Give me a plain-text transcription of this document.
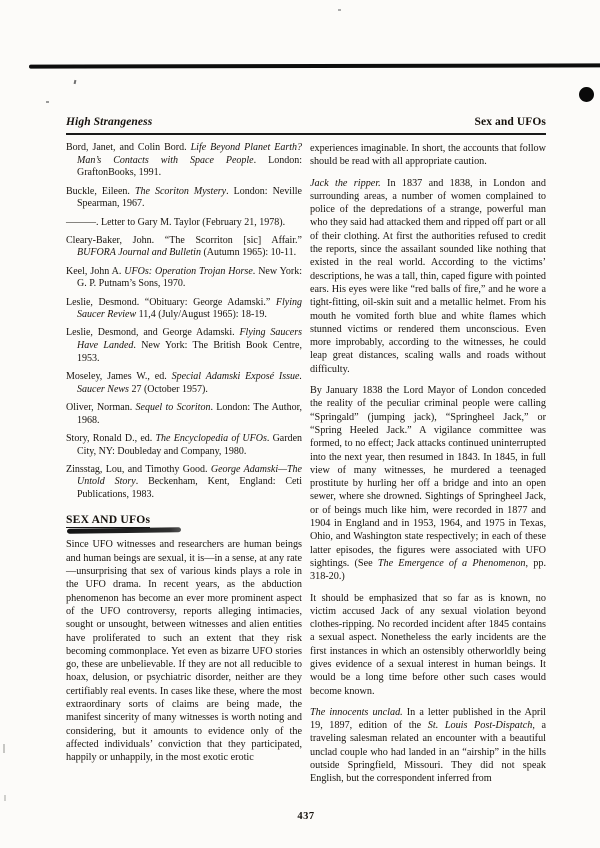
High Strangeness	Sex and UFOs

Bord, Janet, and Colin Bord. Life Beyond Planet Earth? Man’s Contacts with Space People. London: GraftonBooks, 1991.

Buckle, Eileen. The Scoriton Mystery. London: Neville Spearman, 1967.

———. Letter to Gary M. Taylor (February 21, 1978).

Cleary-Baker, John. “The Scorriton [sic] Affair.” BUFORA Journal and Bulletin (Autumn 1965): 10-11.

Keel, John A. UFOs: Operation Trojan Horse. New York: G. P. Putnam’s Sons, 1970.

Leslie, Desmond. “Obituary: George Adamski.” Flying Saucer Review 11,4 (July/August 1965): 18-19.

Leslie, Desmond, and George Adamski. Flying Saucers Have Landed. New York: The British Book Centre, 1953.

Moseley, James W., ed. Special Adamski Exposé Issue. Saucer News 27 (October 1957).

Oliver, Norman. Sequel to Scoriton. London: The Author, 1968.

Story, Ronald D., ed. The Encyclopedia of UFOs. Garden City, NY: Doubleday and Company, 1980.

Zinsstag, Lou, and Timothy Good. George Adamski—The Untold Story. Beckenham, Kent, England: Ceti Publications, 1983.

SEX AND UFOs

Since UFO witnesses and researchers are human beings and human beings are sexual, it is—in a sense, at any rate—unsurprising that sex of various kinds plays a role in the UFO drama. In recent years, as the abduction phenomenon has become an ever more prominent aspect of the UFO controversy, reports alleging intimacies, sought or unsought, between witnesses and alien entities have proliferated to such an extent that they risk becoming commonplace. Yet even as bizarre UFO stories go, these are unbelievable. If they are not all reducible to hoax, delusion, or psychiatric disorder, neither are they certifiably real events. In cases like these, where the most extraordinary sorts of claims are being made, the manifest sincerity of many witnesses is worth noting and considering, but it amounts to evidence only of the affected individuals’ conviction that they participated, happily or unhappily, in the most exotic erotic

experiences imaginable. In short, the accounts that follow should be read with all appropriate caution.

Jack the ripper. In 1837 and 1838, in London and surrounding areas, a number of women complained to police of the depredations of a strange, powerful man who they said had attacked them and ripped off part or all of their clothing. At first the authorities refused to credit the reports, since the assailant sounded like nothing that existed in the real world. According to the victims’ descriptions, he was a tall, thin, caped figure with pointed ears. His eyes were like “red balls of fire,” and he wore a tight-fitting, oil-skin suit and a metallic helmet. From his mouth he vomited forth blue and white flames which stunned victims or rendered them unconscious. Even more improbably, according to the witnesses, he could leap great distances, scaling walls and roads without difficulty.

By January 1838 the Lord Mayor of London conceded the reality of the peculiar criminal people were calling “Springald” (jumping jack), “Springheel Jack,” or “Spring Heeled Jack.” A vigilance committee was formed, to no effect; Jack attacks continued uninterrupted into the next year, then resumed in 1843. In 1845, in full view of many witnesses, he murdered a teenaged prostitute by hurling her off a bridge and into an open sewer, where she drowned. Sightings of Springheel Jack, or of beings much like him, were recorded in 1877 and 1904 in England and in 1953, 1964, and 1975 in Texas, Ohio, and Washington state respectively; in each of these latter episodes, the figures were associated with UFO sightings. (See The Emergence of a Phenomenon, pp. 318-20.)

It should be emphasized that so far as is known, no victim accused Jack of any sexual violation beyond clothes-ripping. No recorded incident after 1845 contains a sexual aspect. Nonetheless the early incidents are the first instances in which an ostensibly otherworldly being gives evidence of a sexual interest in human beings. It would be a long time before other such cases would become known.

The innocents unclad. In a letter published in the April 19, 1897, edition of the St. Louis Post-Dispatch, a traveling salesman related an encounter with a beautiful unclad couple who had landed in an “airship” in the hills outside Springfield, Missouri. They did not speak English, but the correspondent inferred from

437
